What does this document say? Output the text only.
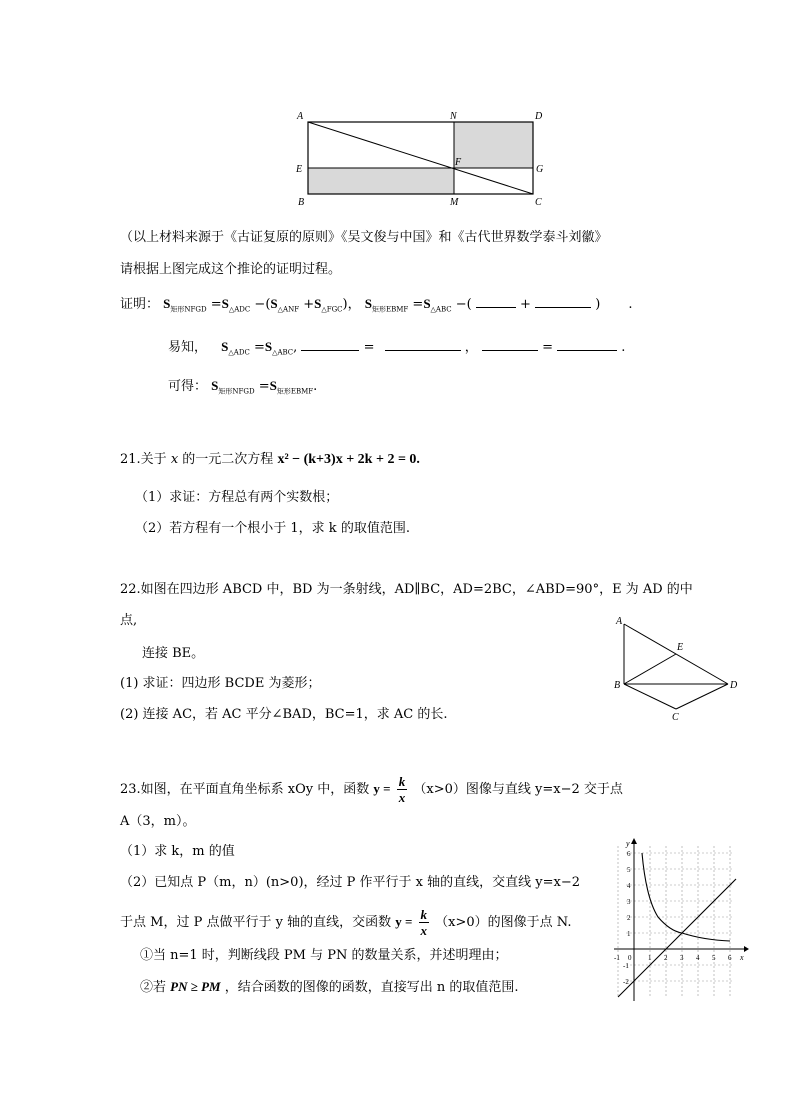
A	N	D
E
F
G
B	M	C
（以上材料来源于《古证复原的原则》《吴文俊与中国》和《古代世界数学泰斗刘徽》
请根据上图完成这个推论的证明过程。
证明： $S_{矩形NFGD} =S_{\triangle ADC} -(S_{\triangle ANF} +S_{\triangle FGC})$， $S_{矩形EBMF} =S_{\triangle ABC}$ −(	+	) .
易知， $S_{\triangle ADC} =S_{\triangle ABC}$,	=	，	=	.
可得： $S_{矩形NFGD} =S_{矩形EBMF}$.
21.关于 x 的一元二次方程 x² − (k+3)x + 2k + 2 = 0.
（1）求证：方程总有两个实数根；
（2）若方程有一个根小于 1，求 k 的取值范围.
22.如图在四边形 ABCD 中，BD 为一条射线，AD∥BC，AD=2BC，∠ABD=90°，E 为 AD 的中
点,
连接 BE。
(1) 求证：四边形 BCDE 为菱形；
(2) 连接 AC，若 AC 平分∠BAD，BC=1，求 AC 的长.
A
E
B	D
C
23.如图，在平面直角坐标系 xOy 中，函数 $y = \frac{k}{x} (x>0)$图像与直线 y=x−2 交于点
A（3，m）。
（1）求 k，m 的值
（2）已知点 P（m，n）(n>0)，经过 P 作平行于 x 轴的直线，交直线 y=x−2
于点 M，过 P 点做平行于 y 轴的直线，交函数 $y = \frac{k}{x} (x>0)$的图像于点 N.
①当 n=1 时，判断线段 PM 与 PN 的数量关系，并述明理由；
②若 PN ≥ PM ，结合函数的图像的函数，直接写出 n 的取值范围.
x
y
-1 0 1 2 3 4 5 6
6
5
4
3
2
1
-1
-2
